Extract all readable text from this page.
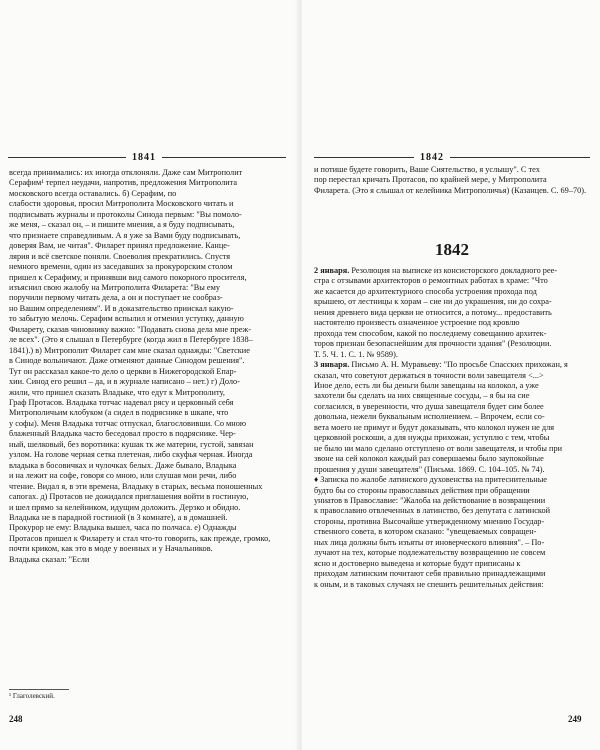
1841
всегда принимались: их иногда отклоняли. Даже сам Митрополит
Серафим¹ терпел неудачи, напротив, предложения Митрополита
московского всегда оставались. б) Серафим, по
слабости здоровья, просил Митрополита Московского читать и
подписывать журналы и протоколы Синода первым: "Вы помоло-
же меня, – сказал он, – и пишите мнения, а я буду подписывать,
что признаете справедливым. А я уже за Вами буду подписывать,
доверяя Вам, не читая". Филарет принял предложение. Канце-
лярия и всё светское поняли. Своеволия прекратились. Спустя
немного времени, один из заседавших за прокурорским столом
пришел к Серафиму, и принявши вид самого покорного просителя,
изъяснил свою жалобу на Митрополита Филарета: "Вы ему
поручили первому читать дела, а он и поступает не сообраз-
но Вашим определениям". И в доказательство приискал какую-
то забытую мелочь. Серафим вспылил и отменил уступку, данную
Филарету, сказав чиновнику важно: "Подавать снова дела мне преж-
ле всех". (Это я слышал в Петербурге (когда жил в Петербурге 1838–
1841).) в) Митрополит Филарет сам мне сказал однажды: "Светские
в Синоде вольничают. Даже отменяют данные Синодом решения".
Тут он рассказал какое-то дело о церкви в Нижегородской Епар-
хии. Синод его решил – да, и в журнале написано – нет.) г) Доло-
жили, что пришел сказать Владыке, что едут к Митрополиту,
Граф Протасов. Владыка тотчас надевал рясу и церковный себя
Митрополичьим клобуком (а сидел в подряснике в шкапе, что
у софы). Меня Владыка тотчас отпускал, благословивши. Со мною
блаженный Владыка часто беседовал просто в подряснике. Чер-
ный, шелковый, без воротника: кушак тк же материи, густой, завязан
узлом. На голове черная сетка плетеная, либо скуфья черная. Иногда
владыка в босовичках и чулочках белых. Даже бывало, Владыка
и на лежит на софе, говоря со мною, или слушая мои речи, либо
чтение. Видал я, в эти времена, Владыку в старых, весьма поношенных
сапогах. д) Протасов не дожидался приглашения войти в гостиную,
и шел прямо за келейником, идущим доложить. Дерзко и обидно.
Владыка не в парадной гостиной (в 3 комнате), а в домашней.
Прокурор не ему: Владыка вышел, часа по полчаса. е) Однажды
Протасов пришел к Филарету и стал что-то говорить, как прежде, громко,
почти криком, как это в моде у военных и у Начальников.
Владыка сказал: "Если
¹ Глаголевский.
248
1842
и потише будете говорить, Ваше Сиятельство, я услышу". С тех
пор перестал кричать Протасов, по крайней мере, у Митрополита
Филарета. (Это я слышал от келейника Митрополичья) (Казанцев. С. 69–70).
1842
2 января. Резолюция на выписке из консисторского докладного рее-
стра с отзывами архитекторов о ремонтных работах в храме: "Что
же касается до архитектурного способа устроения прохода под
крышею, от лестницы к хорам – сие ни до украшения, ни до сохра-
нения древнего вида церкви не относится, а потому... предоставить
настоятелю произвесть означенное устроение под кровлю
прохода тем способом, какой по последнему совещанию архитек-
торов признан безопаснейшим для прочности здания" (Резолюции.
Т. 5. Ч. 1. С. 1. № 9589).
3 января. Письмо А. Н. Муравьеву: "По просьбе Спасских прихожан, я
сказал, что советуют держаться в точности воли завещателя <...>
Иное дело, есть ли бы деньги были завещаны на колокол, а уже
захотели бы сделать на них священные сосуды, – я бы на сие
согласился, в уверенности, что душа завещателя будет сим более
довольна, нежели буквальным исполнением. – Впрочем, если со-
вета моего не примут и будут доказывать, что колокол нужен не для
церковной роскоши, а для нужды прихожан, уступлю с тем, чтобы
не было ни мало сделано отступлено от воли завещателя, и чтобы при
звоне на сей колокол каждый раз совершаемы было заупокойные
прошения у души завещателя" (Письма. 1869. С. 104–105. № 74).
♦ Записка по жалобе латинского духовенства на притеснительные
будто бы со стороны православных действия при обращении
униатов в Православие: "Жалоба на действование в возвращении
к православию отвлеченных в латинство, без депутата с латинской
стороны, противна Высочайше утвержденному мнению Государ-
ственного совета, в котором сказано: "увещеваемых совращен-
ных лица должны быть изъяты от иноверческого влияния". – По-
лучают на тех, которые подлежательству возвращению не совсем
ясно и достоверно выведена и которые будут приписаны к
приходам латинским почитают себя правильно принадлежащими
к оным, и в таковых случаях не спешить решительных действия:
249
